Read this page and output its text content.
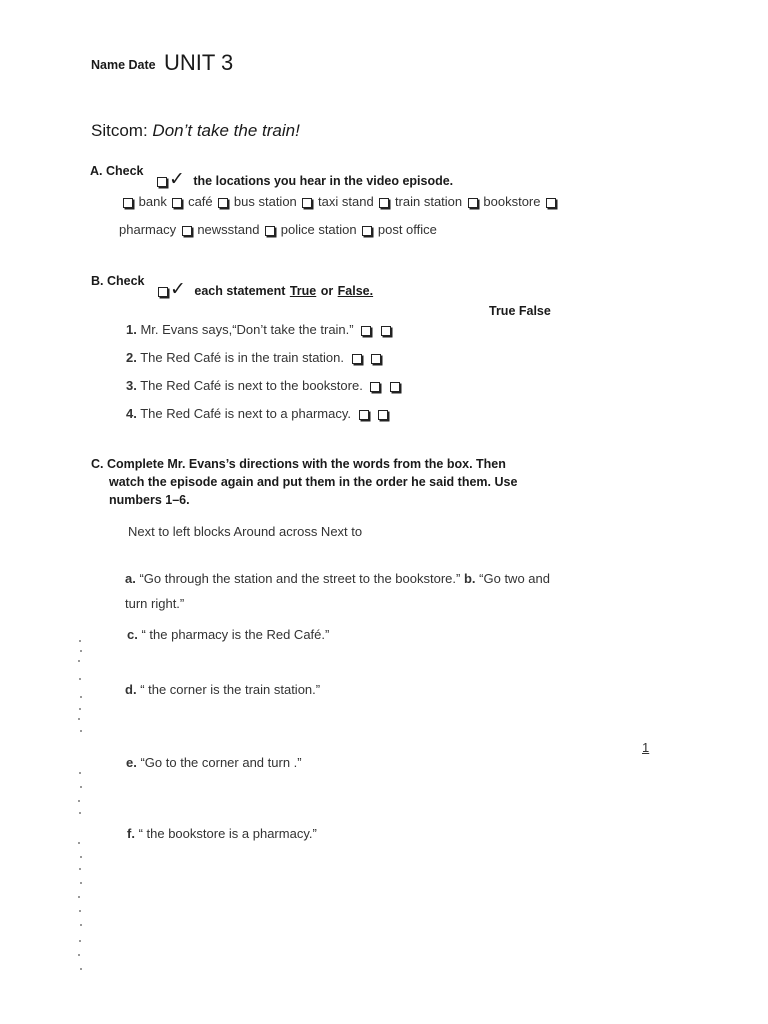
Name Date UNIT 3
Sitcom: Don’t take the train!
A. Check	✓ the locations you hear in the video episode.
bank café bus station taxi stand train station bookstore
pharmacy newsstand police station post office
B. Check	✓ each statement True or False.
True False
1. Mr. Evans says,“Don’t take the train.”
2. The Red Café is in the train station.
3. The Red Café is next to the bookstore.
4. The Red Café is next to a pharmacy.
C. Complete Mr. Evans’s directions with the words from the box. Then
watch the episode again and put them in the order he said them. Use
numbers 1–6.
Next to left blocks Around across Next to
a. “Go through the station and the street to the bookstore.” b. “Go two and
turn right.”
c. “ the pharmacy is the Red Café.”
d. “ the corner is the train station.”
1
e. “Go to the corner and turn .”
f. “ the bookstore is a pharmacy.”
